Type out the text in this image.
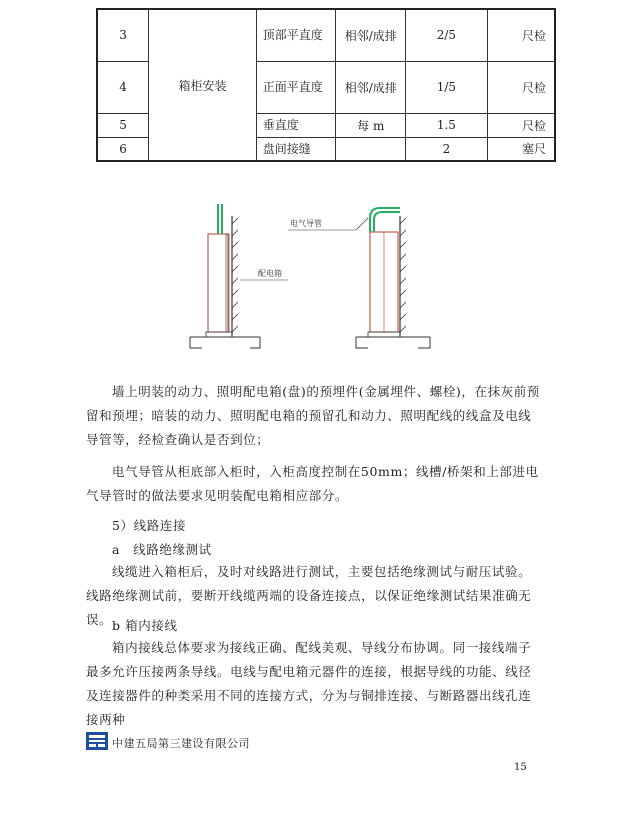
3	箱柜安装	顶部平直度	相邻/成排	2/5	尺检
4		正面平直度	相邻/成排	1/5	尺检
5		垂直度	每 m	1.5	尺检
6		盘间接缝		2	塞尺
电气导管
配电箱

墙上明装的动力、照明配电箱(盘)的预埋件(金属埋件、螺栓)，在抹灰前预留和预埋；暗装的动力、照明配电箱的预留孔和动力、照明配线的线盒及电线导管等，经检查确认是否到位；

电气导管从柜底部入柜时，入柜高度控制在50mm；线槽/桥架和上部进电气导管时的做法要求见明装配电箱相应部分。

5）线路连接

a　线路绝缘测试

线缆进入箱柜后，及时对线路进行测试，主要包括绝缘测试与耐压试验。线路绝缘测试前，要断开线缆两端的设备连接点，以保证绝缘测试结果准确无误。 b 箱内接线

箱内接线总体要求为接线正确、配线美观、导线分布协调。同一接线端子最多允许压接两条导线。电线与配电箱元器件的连接，根据导线的功能、线径及连接器件的种类采用不同的连接方式，分为与铜排连接、与断路器出线孔连接两种

中建五局第三建设有限公司
15
